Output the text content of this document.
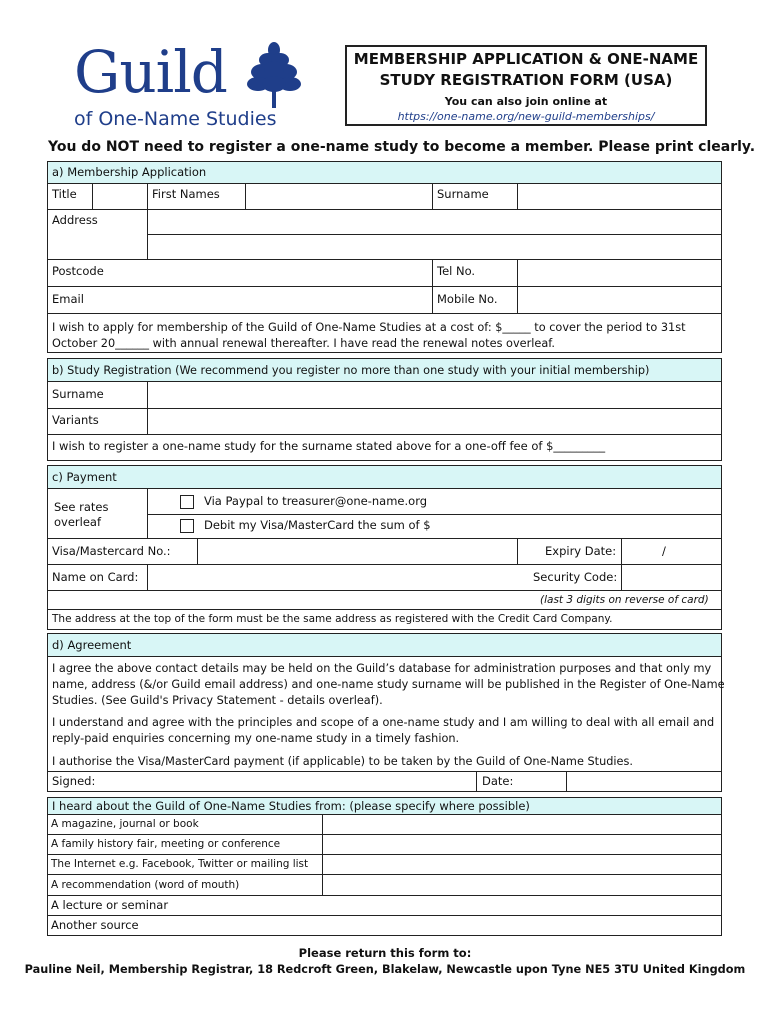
Guild
of One-Name Studies
MEMBERSHIP APPLICATION & ONE-NAME
STUDY REGISTRATION FORM (USA)
You can also join online at
https://one-name.org/new-guild-memberships/
You do NOT need to register a one-name study to become a member. Please print clearly.
a) Membership Application
Title	First Names	Surname
Address
Postcode	Tel No.
Email	Mobile No.
I wish to apply for membership of the Guild of One-Name Studies at a cost of: $_____ to cover the period to 31st
October 20______ with annual renewal thereafter. I have read the renewal notes overleaf.
b) Study Registration (We recommend you register no more than one study with your initial membership)
Surname
Variants
I wish to register a one-name study for the surname stated above for a one-off fee of $_________
c) Payment
See rates
overleaf
Via Paypal to treasurer@one-name.org
Debit my Visa/MasterCard the sum of $
Visa/Mastercard No.:	Expiry Date:	/
Name on Card:	Security Code:
(last 3 digits on reverse of card)
The address at the top of the form must be the same address as registered with the Credit Card Company.
d) Agreement
I agree the above contact details may be held on the Guild’s database for administration purposes and that only my
name, address (&/or Guild email address) and one-name study surname will be published in the Register of One-Name
Studies. (See Guild's Privacy Statement - details overleaf).
I understand and agree with the principles and scope of a one-name study and I am willing to deal with all email and
reply-paid enquiries concerning my one-name study in a timely fashion.
I authorise the Visa/MasterCard payment (if applicable) to be taken by the Guild of One-Name Studies.
Signed:	Date:
I heard about the Guild of One-Name Studies from: (please specify where possible)
A magazine, journal or book
A family history fair, meeting or conference
The Internet e.g. Facebook, Twitter or mailing list
A recommendation (word of mouth)
A lecture or seminar
Another source
Please return this form to:
Pauline Neil, Membership Registrar, 18 Redcroft Green, Blakelaw, Newcastle upon Tyne NE5 3TU United Kingdom
